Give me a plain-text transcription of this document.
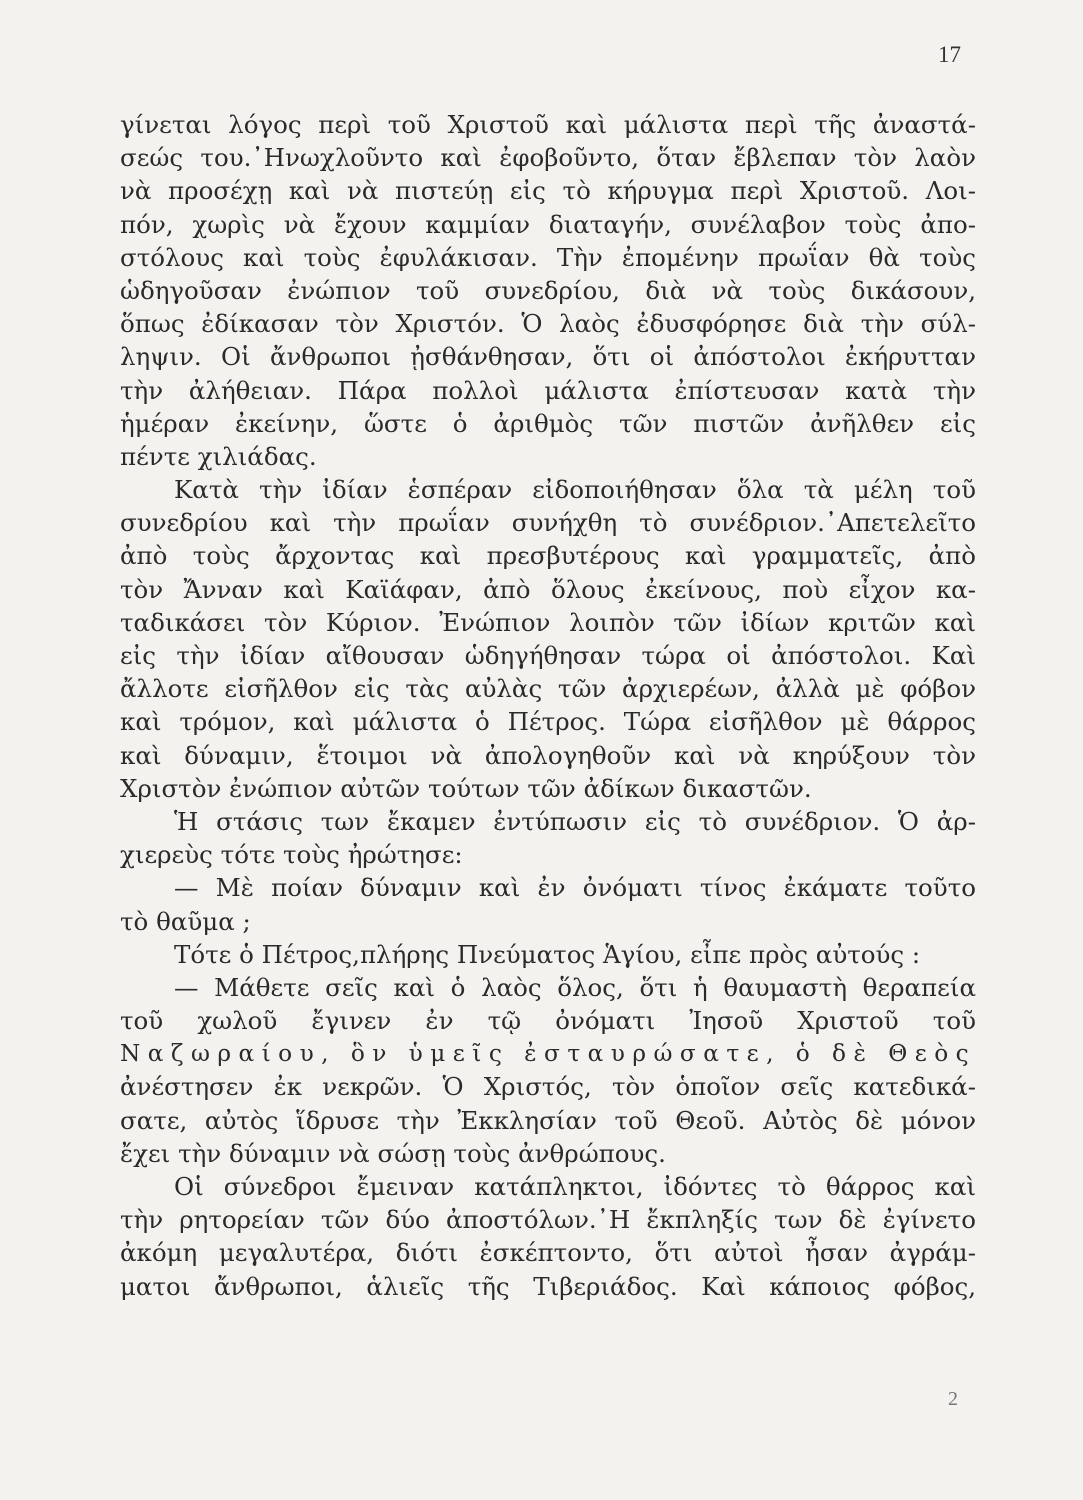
17
γίνεται λόγος περὶ τοῦ Χριστοῦ καὶ μάλιστα περὶ τῆς ἀναστά-
σεώς του.᾿Ηνωχλοῦντο καὶ ἐφοβοῦντο, ὅταν ἔβλεπαν τὸν λαὸν
νὰ προσέχῃ καὶ νὰ πιστεύῃ εἰς τὸ κήρυγμα περὶ Χριστοῦ. Λοι-
πόν, χωρὶς νὰ ἔχουν καμμίαν διαταγήν, συνέλαβον τοὺς ἀπο-
στόλους καὶ τοὺς ἐφυλάκισαν. Τὴν ἐπομένην πρωΐαν θὰ τοὺς
ὡδηγοῦσαν ἐνώπιον τοῦ συνεδρίου, διὰ νὰ τοὺς δικάσουν,
ὅπως ἐδίκασαν τὸν Χριστόν. Ὁ λαὸς ἐδυσφόρησε διὰ τὴν σύλ-
ληψιν. Οἱ ἄνθρωποι ᾐσθάνθησαν, ὅτι οἱ ἀπόστολοι ἐκήρυτταν
τὴν ἀλήθειαν. Πάρα πολλοὶ μάλιστα ἐπίστευσαν κατὰ τὴν
ἡμέραν ἐκείνην, ὥστε ὁ ἀριθμὸς τῶν πιστῶν ἀνῆλθεν εἰς
πέντε χιλιάδας.
Κατὰ τὴν ἰδίαν ἑσπέραν εἰδοποιήθησαν ὅλα τὰ μέλη τοῦ
συνεδρίου καὶ τὴν πρωΐαν συνήχθη τὸ συνέδριον.᾿Απετελεῖτο
ἀπὸ τοὺς ἄρχοντας καὶ πρεσβυτέρους καὶ γραμματεῖς, ἀπὸ
τὸν Ἄνναν καὶ Καϊάφαν, ἀπὸ ὅλους ἐκείνους, ποὺ εἶχον κα-
ταδικάσει τὸν Κύριον. Ἐνώπιον λοιπὸν τῶν ἰδίων κριτῶν καὶ
εἰς τὴν ἰδίαν αἴθουσαν ὡδηγήθησαν τώρα οἱ ἀπόστολοι. Καὶ
ἄλλοτε εἰσῆλθον εἰς τὰς αὐλὰς τῶν ἀρχιερέων, ἀλλὰ μὲ φόβον
καὶ τρόμον, καὶ μάλιστα ὁ Πέτρος. Τώρα εἰσῆλθον μὲ θάρρος
καὶ δύναμιν, ἕτοιμοι νὰ ἀπολογηθοῦν καὶ νὰ κηρύξουν τὸν
Χριστὸν ἐνώπιον αὐτῶν τούτων τῶν ἀδίκων δικαστῶν.
Ἡ στάσις των ἔκαμεν ἐντύπωσιν εἰς τὸ συνέδριον. Ὁ ἀρ-
χιερεὺς τότε τοὺς ἠρώτησε:
— Μὲ ποίαν δύναμιν καὶ ἐν ὀνόματι τίνος ἐκάματε τοῦτο
τὸ θαῦμα ;
Τότε ὁ Πέτρος,πλήρης Πνεύματος Ἁγίου, εἶπε πρὸς αὐτούς :
— Μάθετε σεῖς καὶ ὁ λαὸς ὅλος, ὅτι ἡ θαυμαστὴ θεραπεία
τοῦ χωλοῦ ἔγινεν ἐν τῷ ὀνόματι Ἰησοῦ Χριστοῦ τοῦ
Ναζωραίου, ὃν ὑμεῖς ἐσταυρώσατε, ὁ δὲ Θεὸς
ἀνέστησεν ἐκ νεκρῶν. Ὁ Χριστός, τὸν ὁποῖον σεῖς κατεδικά-
σατε, αὐτὸς ἵδρυσε τὴν Ἐκκλησίαν τοῦ Θεοῦ. Αὐτὸς δὲ μόνον
ἔχει τὴν δύναμιν νὰ σώσῃ τοὺς ἀνθρώπους.
Οἱ σύνεδροι ἔμειναν κατάπληκτοι, ἰδόντες τὸ θάρρος καὶ
τὴν ρητορείαν τῶν δύο ἀποστόλων.᾿Η ἔκπληξίς των δὲ ἐγίνετο
ἀκόμη μεγαλυτέρα, διότι ἐσκέπτοντο, ὅτι αὐτοὶ ἦσαν ἀγράμ-
ματοι ἄνθρωποι, ἁλιεῖς τῆς Τιβεριάδος. Καὶ κάποιος φόβος,
2
